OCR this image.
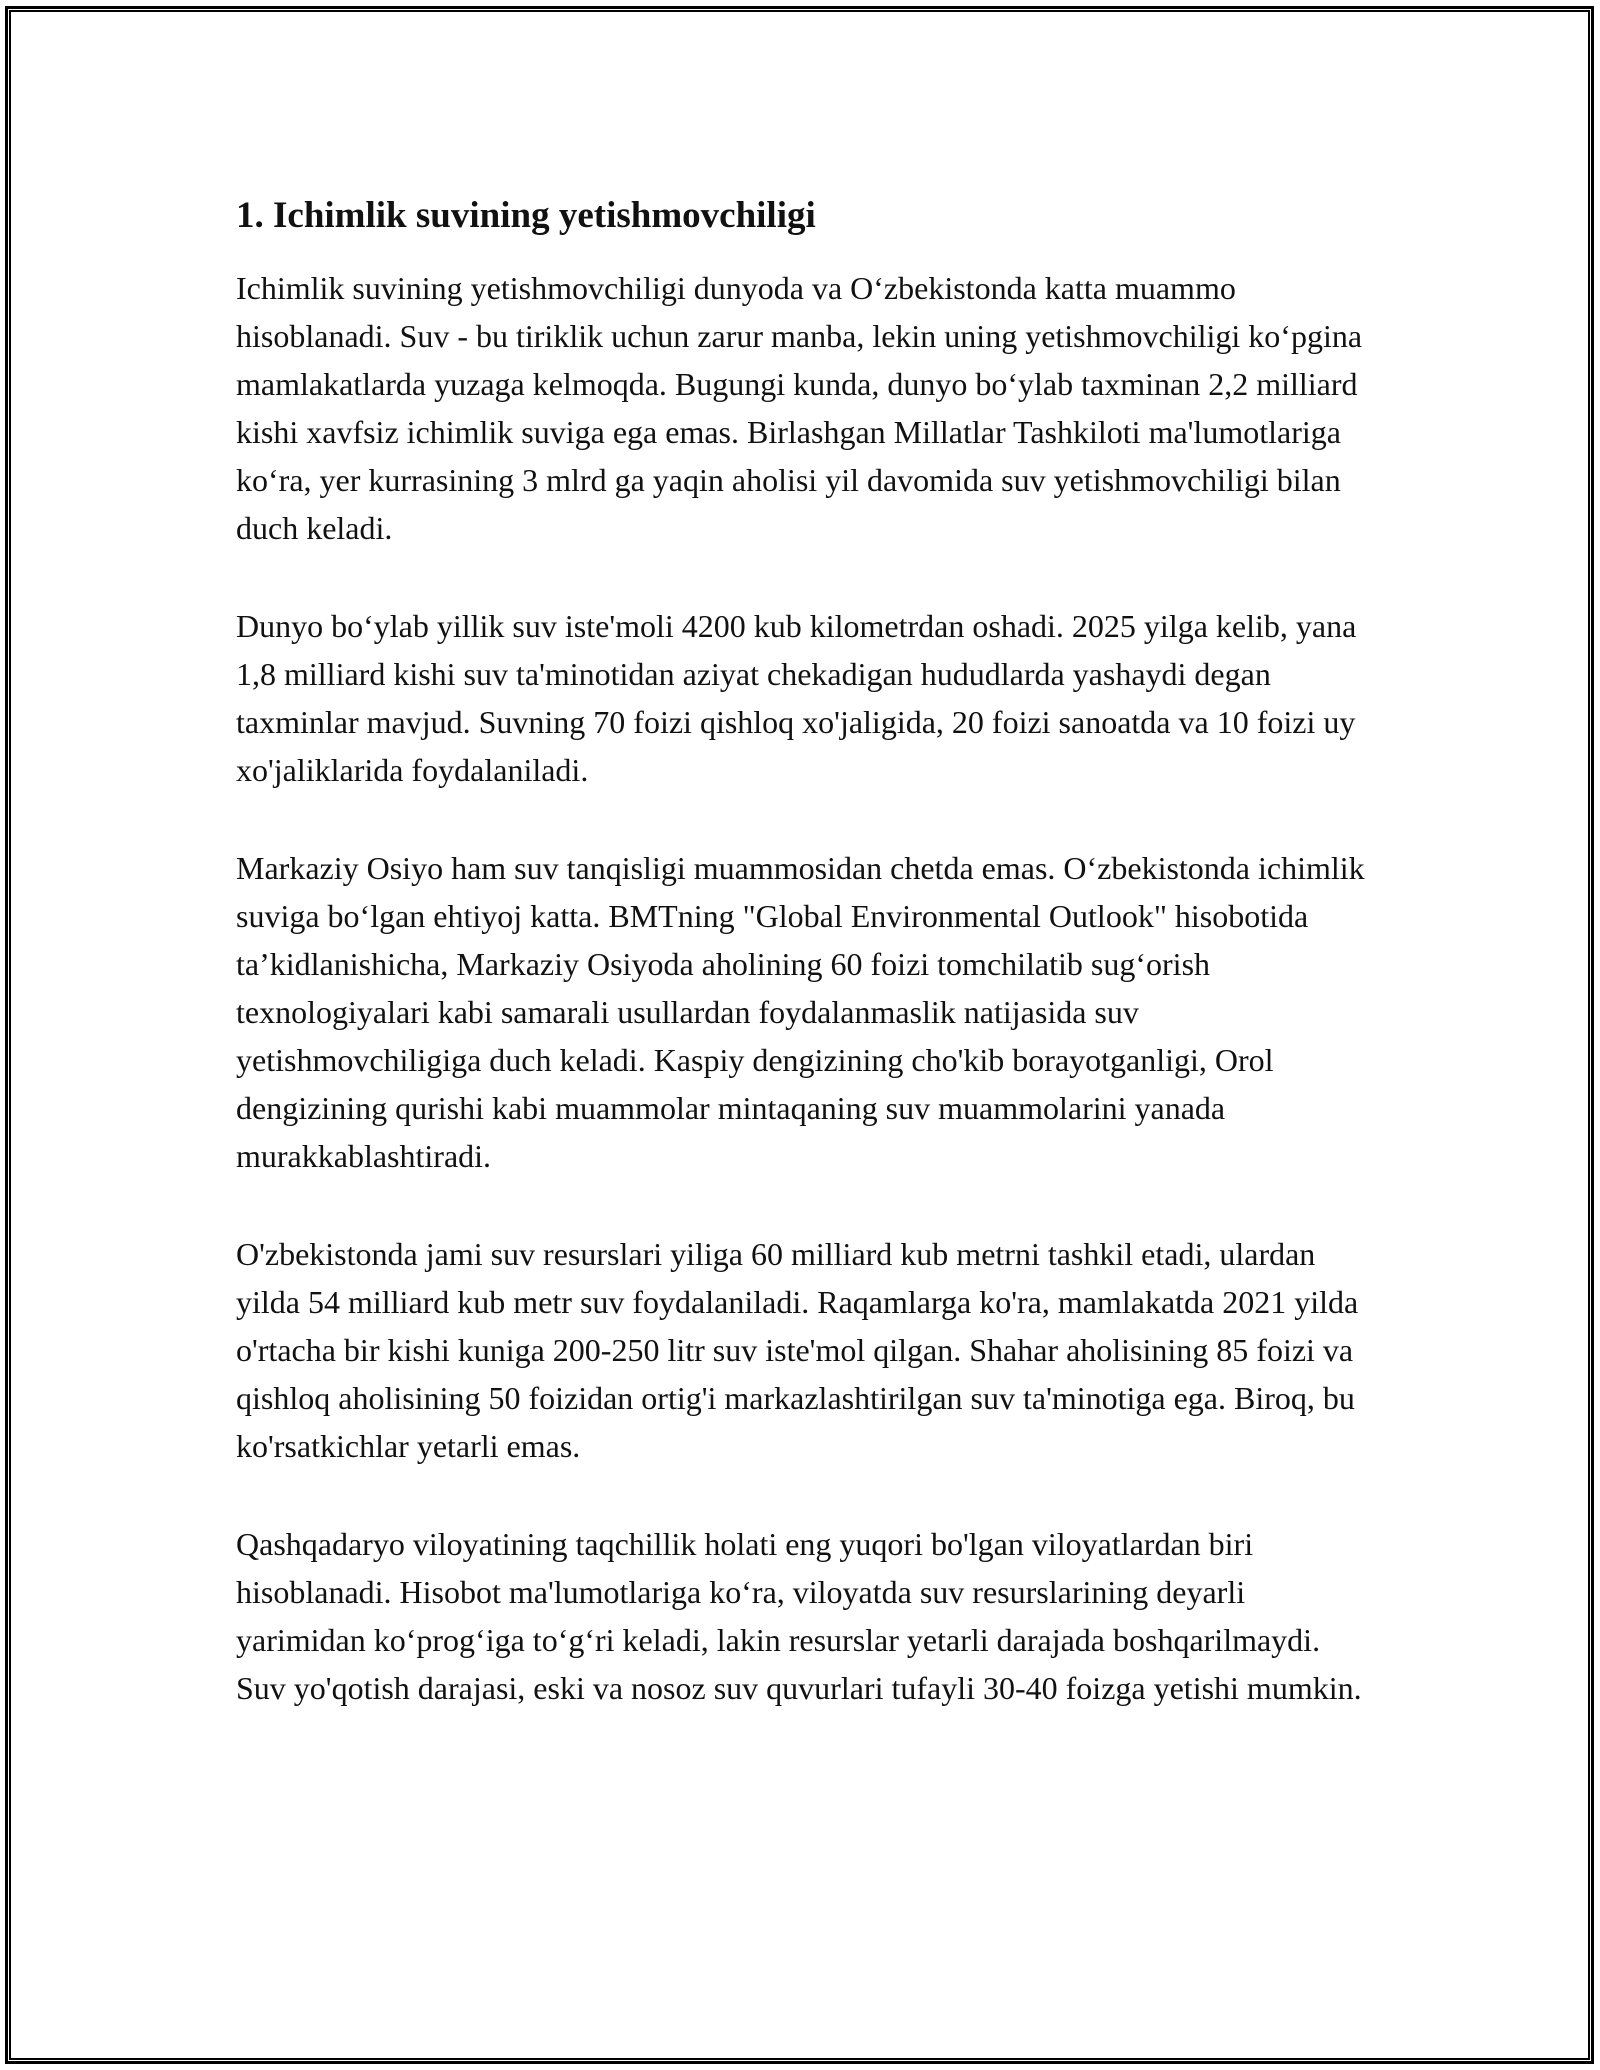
1. Ichimlik suvining yetishmovchiligi

Ichimlik suvining yetishmovchiligi dunyoda va O‘zbekistonda katta muammo hisoblanadi. Suv - bu tiriklik uchun zarur manba, lekin uning yetishmovchiligi ko‘pgina mamlakatlarda yuzaga kelmoqda. Bugungi kunda, dunyo bo‘ylab taxminan 2,2 milliard kishi xavfsiz ichimlik suviga ega emas. Birlashgan Millatlar Tashkiloti ma'lumotlariga ko‘ra, yer kurrasining 3 mlrd ga yaqin aholisi yil davomida suv yetishmovchiligi bilan duch keladi.

Dunyo bo‘ylab yillik suv iste'moli 4200 kub kilometrdan oshadi. 2025 yilga kelib, yana 1,8 milliard kishi suv ta'minotidan aziyat chekadigan hududlarda yashaydi degan taxminlar mavjud. Suvning 70 foizi qishloq xo'jaligida, 20 foizi sanoatda va 10 foizi uy xo'jaliklarida foydalaniladi.

Markaziy Osiyo ham suv tanqisligi muammosidan chetda emas. O‘zbekistonda ichimlik suviga bo‘lgan ehtiyoj katta. BMTning "Global Environmental Outlook" hisobotida ta’kidlanishicha, Markaziy Osiyoda aholining 60 foizi tomchilatib sug‘orish texnologiyalari kabi samarali usullardan foydalanmaslik natijasida suv yetishmovchiligiga duch keladi. Kaspiy dengizining cho'kib borayotganligi, Orol dengizining qurishi kabi muammolar mintaqaning suv muammolarini yanada murakkablashtiradi.

O'zbekistonda jami suv resurslari yiliga 60 milliard kub metrni tashkil etadi, ulardan yilda 54 milliard kub metr suv foydalaniladi. Raqamlarga ko'ra, mamlakatda 2021 yilda o'rtacha bir kishi kuniga 200-250 litr suv iste'mol qilgan. Shahar aholisining 85 foizi va qishloq aholisining 50 foizidan ortig'i markazlashtirilgan suv ta'minotiga ega. Biroq, bu ko'rsatkichlar yetarli emas.

Qashqadaryo viloyatining taqchillik holati eng yuqori bo'lgan viloyatlardan biri hisoblanadi. Hisobot ma'lumotlariga ko‘ra, viloyatda suv resurslarining deyarli yarimidan ko‘prog‘iga to‘g‘ri keladi, lakin resurslar yetarli darajada boshqarilmaydi. Suv yo'qotish darajasi, eski va nosoz suv quvurlari tufayli 30-40 foizga yetishi mumkin.
